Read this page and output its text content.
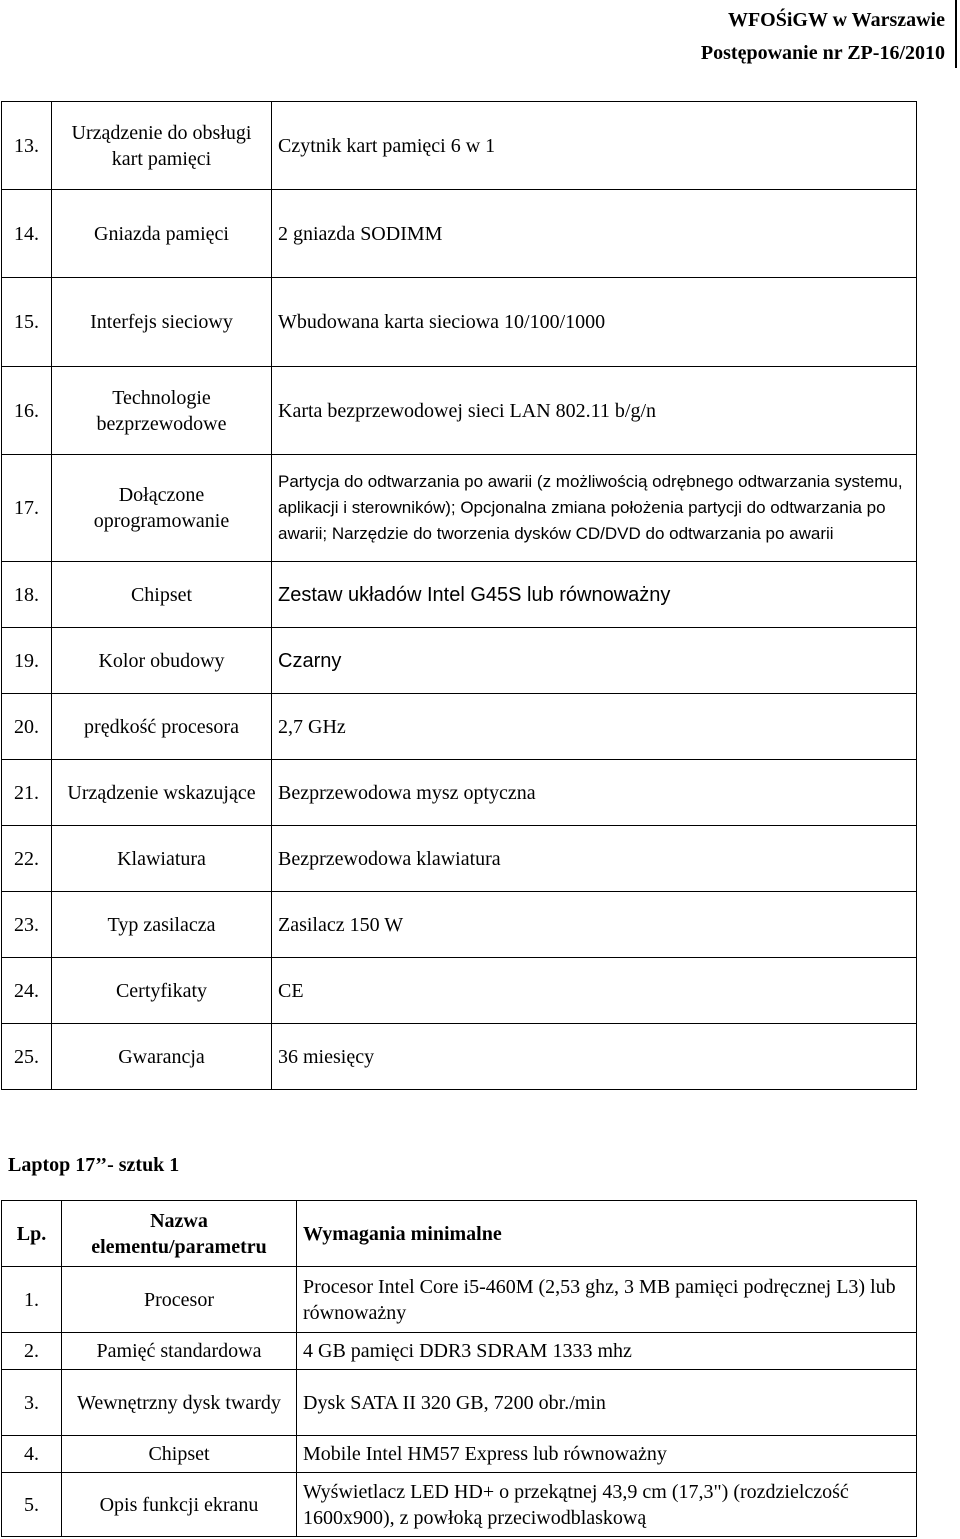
WFOŚiGW w Warszawie
Postępowanie nr ZP-16/2010
13.	Urządzenie do obsługi kart pamięci	Czytnik kart pamięci 6 w 1
14.	Gniazda pamięci	2 gniazda SODIMM
15.	Interfejs sieciowy	Wbudowana karta sieciowa 10/100/1000
16.	Technologie bezprzewodowe	Karta bezprzewodowej sieci LAN 802.11 b/g/n
17.	Dołączone oprogramowanie	Partycja do odtwarzania po awarii (z możliwością odrębnego odtwarzania systemu, aplikacji i sterowników); Opcjonalna zmiana położenia partycji do odtwarzania po awarii; Narzędzie do tworzenia dysków CD/DVD do odtwarzania po awarii
18.	Chipset	Zestaw układów Intel G45S lub równoważny
19.	Kolor obudowy	Czarny
20.	prędkość procesora	2,7 GHz
21.	Urządzenie wskazujące	Bezprzewodowa mysz optyczna
22.	Klawiatura	Bezprzewodowa klawiatura
23.	Typ zasilacza	Zasilacz 150 W
24.	Certyfikaty	CE
25.	Gwarancja	36 miesięcy
Laptop 17’’- sztuk 1
Lp.	Nazwa elementu/parametru	Wymagania minimalne
1.	Procesor	Procesor Intel Core i5-460M (2,53 ghz, 3 MB pamięci podręcznej L3) lub równoważny
2.	Pamięć standardowa	4 GB pamięci DDR3 SDRAM 1333 mhz
3.	Wewnętrzny dysk twardy	Dysk SATA II 320 GB, 7200 obr./min
4.	Chipset	Mobile Intel HM57 Express lub równoważny
5.	Opis funkcji ekranu	Wyświetlacz LED HD+ o przekątnej 43,9 cm (17,3") (rozdzielczość 1600x900), z powłoką przeciwodblaskową
